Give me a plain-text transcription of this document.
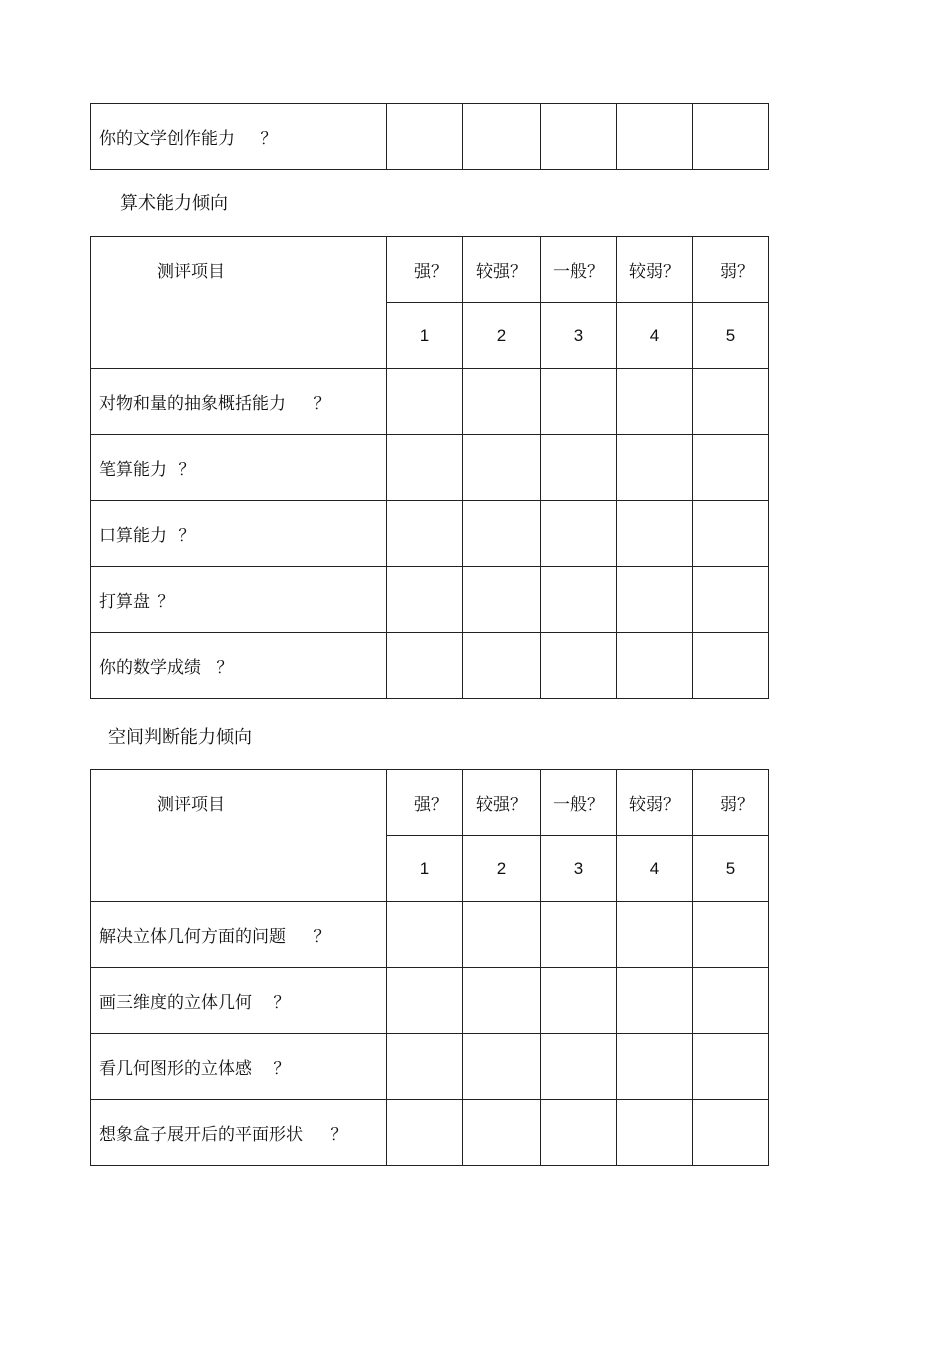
你的文学创作能力 ？					
算术能力倾向
测评项目	强？	较强？	一般？	较弱？	弱？
	1	2	3	4	5
对物和量的抽象概括能力 ？					
笔算能力 ？					
口算能力 ？					
打算盘 ？					
你的数学成绩 ？					
空间判断能力倾向
测评项目	强？	较强？	一般？	较弱？	弱？
	1	2	3	4	5
解决立体几何方面的问题 ？					
画三维度的立体几何 ？					
看几何图形的立体感 ？					
想象盒子展开后的平面形状 ？					
